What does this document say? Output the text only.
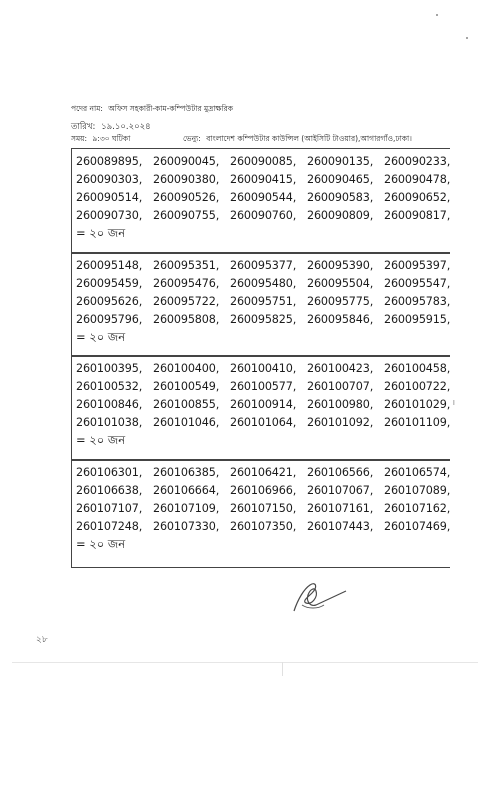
পদের নাম: অফিস সহকারী-কাম-কম্পিউটার মুদ্রাক্ষরিক
তারিখ: ১৯.১০.২০২৪
সময়: ৯:৩০ ঘটিকা	ভেন্যু: বাংলাদেশ কম্পিউটার কাউন্সিল (আইসিটি টাওয়ার),আগারগাঁও,ঢাকা।
260089895, 260090045, 260090085, 260090135, 260090233,
260090303, 260090380, 260090415, 260090465, 260090478,
260090514, 260090526, 260090544, 260090583, 260090652,
260090730, 260090755, 260090760, 260090809, 260090817,
= ২০ জন
260095148, 260095351, 260095377, 260095390, 260095397,
260095459, 260095476, 260095480, 260095504, 260095547,
260095626, 260095722, 260095751, 260095775, 260095783,
260095796, 260095808, 260095825, 260095846, 260095915,
= ২০ জন
260100395, 260100400, 260100410, 260100423, 260100458,
260100532, 260100549, 260100577, 260100707, 260100722,
260100846, 260100855, 260100914, 260100980, 260101029,
260101038, 260101046, 260101064, 260101092, 260101109,
= ২০ জন
260106301, 260106385, 260106421, 260106566, 260106574,
260106638, 260106664, 260106966, 260107067, 260107089,
260107107, 260107109, 260107150, 260107161, 260107162,
260107248, 260107330, 260107350, 260107443, 260107469,
= ২০ জন
।
২৮
